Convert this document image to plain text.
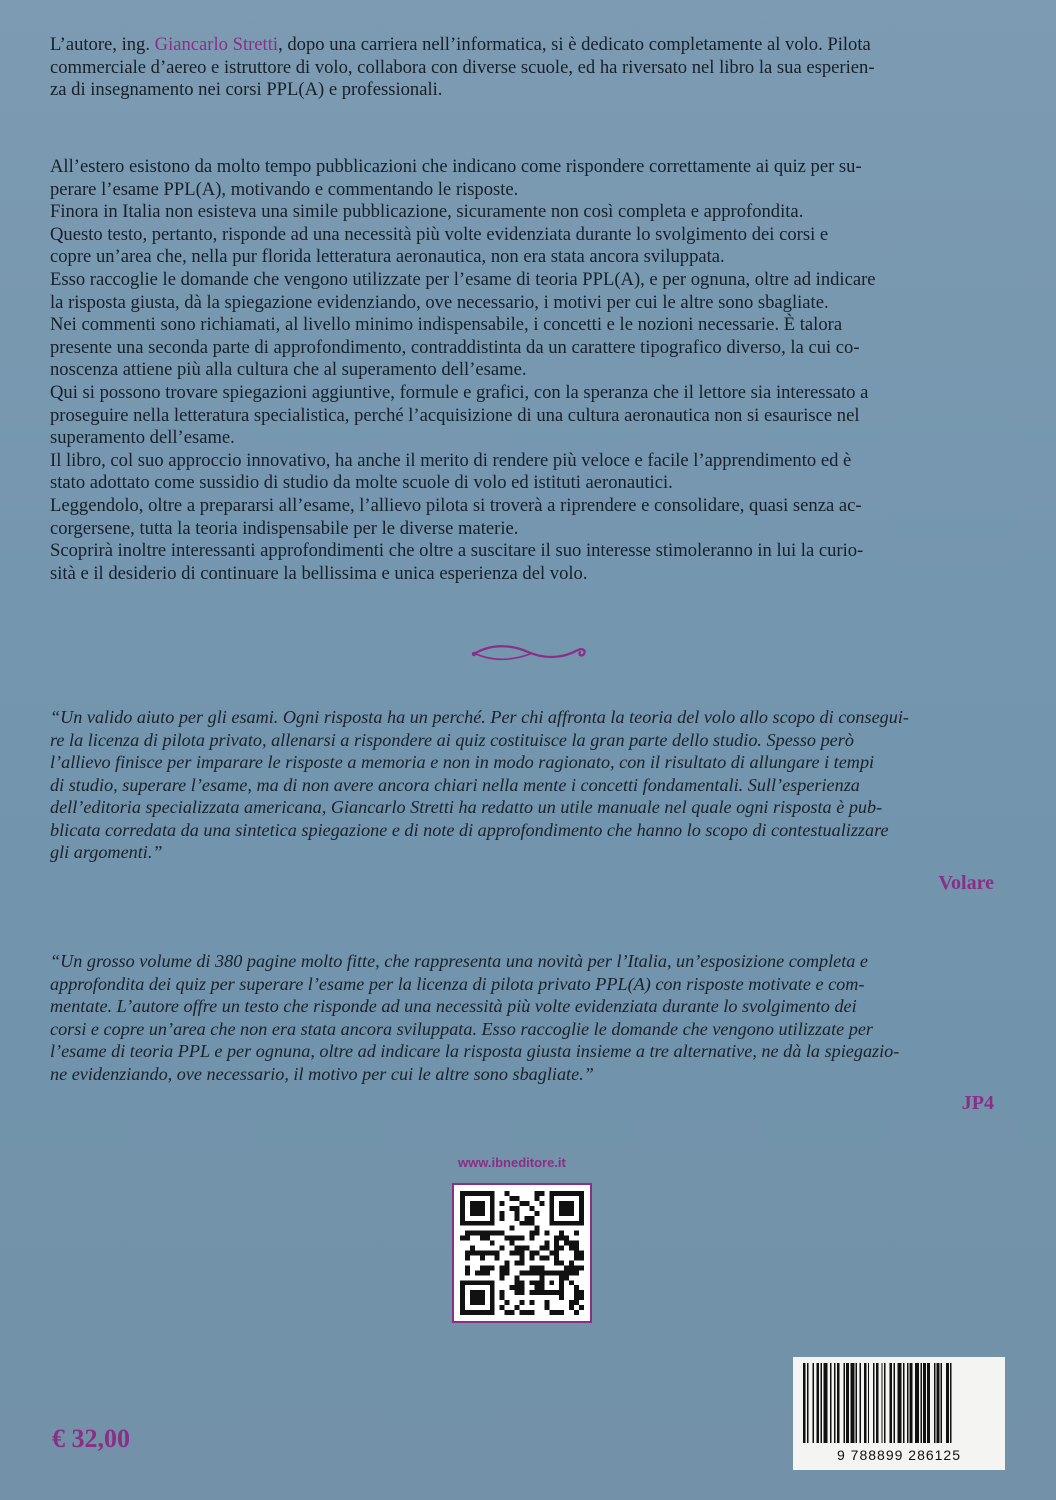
L’autore, ing. Giancarlo Stretti, dopo una carriera nell’informatica, si è dedicato completamente al volo. Pilota
commerciale d’aereo e istruttore di volo, collabora con diverse scuole, ed ha riversato nel libro la sua esperien-
za di insegnamento nei corsi PPL(A) e professionali.
All’estero esistono da molto tempo pubblicazioni che indicano come rispondere correttamente ai quiz per su-
perare l’esame PPL(A), motivando e commentando le risposte.
Finora in Italia non esisteva una simile pubblicazione, sicuramente non così completa e approfondita.
Questo testo, pertanto, risponde ad una necessità più volte evidenziata durante lo svolgimento dei corsi e
copre un’area che, nella pur florida letteratura aeronautica, non era stata ancora sviluppata.
Esso raccoglie le domande che vengono utilizzate per l’esame di teoria PPL(A), e per ognuna, oltre ad indicare
la risposta giusta, dà la spiegazione evidenziando, ove necessario, i motivi per cui le altre sono sbagliate.
Nei commenti sono richiamati, al livello minimo indispensabile, i concetti e le nozioni necessarie. È talora
presente una seconda parte di approfondimento, contraddistinta da un carattere tipografico diverso, la cui co-
noscenza attiene più alla cultura che al superamento dell’esame.
Qui si possono trovare spiegazioni aggiuntive, formule e grafici, con la speranza che il lettore sia interessato a
proseguire nella letteratura specialistica, perché l’acquisizione di una cultura aeronautica non si esaurisce nel
superamento dell’esame.
Il libro, col suo approccio innovativo, ha anche il merito di rendere più veloce e facile l’apprendimento ed è
stato adottato come sussidio di studio da molte scuole di volo ed istituti aeronautici.
Leggendolo, oltre a prepararsi all’esame, l’allievo pilota si troverà a riprendere e consolidare, quasi senza ac-
corgersene, tutta la teoria indispensabile per le diverse materie.
Scoprirà inoltre interessanti approfondimenti che oltre a suscitare il suo interesse stimoleranno in lui la curio-
sità e il desiderio di continuare la bellissima e unica esperienza del volo.
“Un valido aiuto per gli esami. Ogni risposta ha un perché. Per chi affronta la teoria del volo allo scopo di consegui-
re la licenza di pilota privato, allenarsi a rispondere ai quiz costituisce la gran parte dello studio. Spesso però
l’allievo finisce per imparare le risposte a memoria e non in modo ragionato, con il risultato di allungare i tempi
di studio, superare l’esame, ma di non avere ancora chiari nella mente i concetti fondamentali. Sull’esperienza
dell’editoria specializzata americana, Giancarlo Stretti ha redatto un utile manuale nel quale ogni risposta è pub-
blicata corredata da una sintetica spiegazione e di note di approfondimento che hanno lo scopo di contestualizzare
gli argomenti.”
Volare
“Un grosso volume di 380 pagine molto fitte, che rappresenta una novità per l’Italia, un’esposizione completa e
approfondita dei quiz per superare l’esame per la licenza di pilota privato PPL(A) con risposte motivate e com-
mentate. L’autore offre un testo che risponde ad una necessità più volte evidenziata durante lo svolgimento dei
corsi e copre un’area che non era stata ancora sviluppata. Esso raccoglie le domande che vengono utilizzate per
l’esame di teoria PPL e per ognuna, oltre ad indicare la risposta giusta insieme a tre alternative, ne dà la spiegazio-
ne evidenziando, ove necessario, il motivo per cui le altre sono sbagliate.”
JP4
www.ibneditore.it
€ 32,00
9 788899 286125
